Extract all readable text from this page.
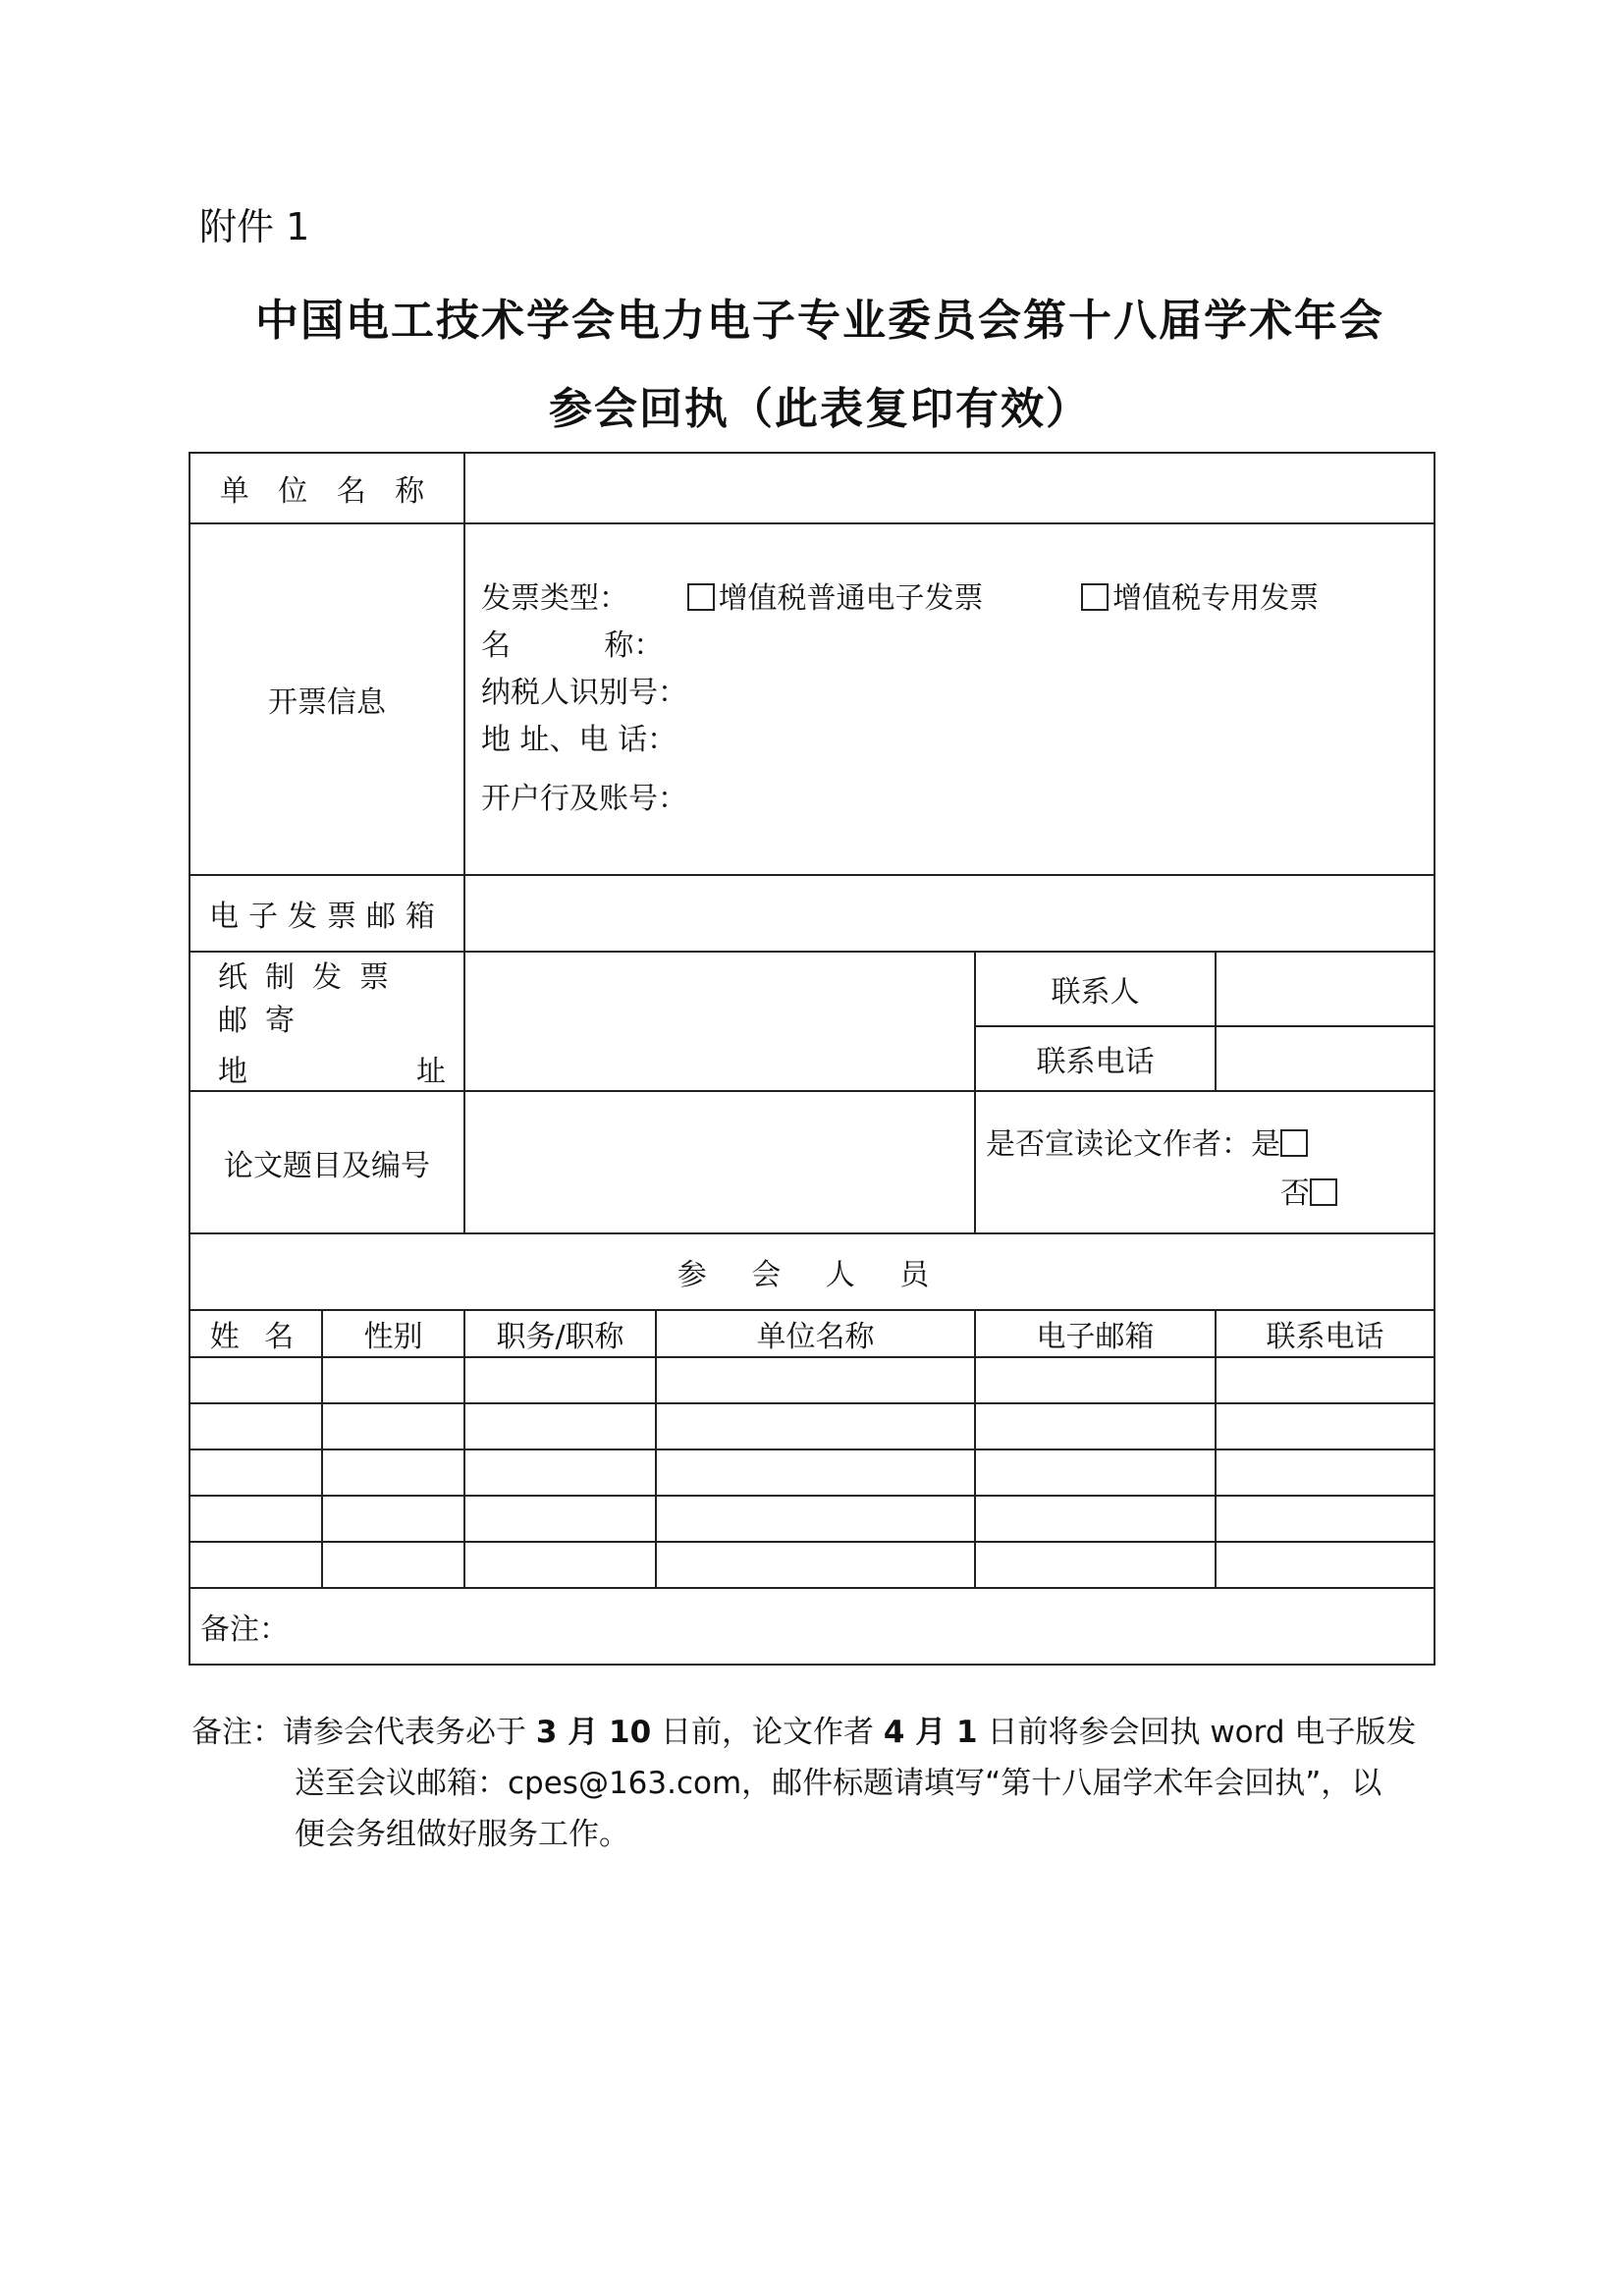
附件 1
中国电工技术学会电力电子专业委员会第十八届学术年会
参会回执（此表复印有效）
单 位 名 称					
开票信息		发票类型： 增值税普通电子发票 增值税专用发票
名          称：
纳税人识别号：
地 址、电 话：
开户行及账号：			

电子发票邮箱					

纸制发票邮寄
地 址				联系人	
				联系电话	
论文题目及编号				是否宣读论文作者：是
否	

参 会 人 员					
姓 名	性别	职务/职称	单位名称	电子邮箱	联系电话

备注：					
备注：请参会代表务必于 3 月 10 日前，论文作者 4 月 1 日前将参会回执 word 电子版发
送至会议邮箱：cpes@163.com，邮件标题请填写“第十八届学术年会回执”，以
便会务组做好服务工作。
